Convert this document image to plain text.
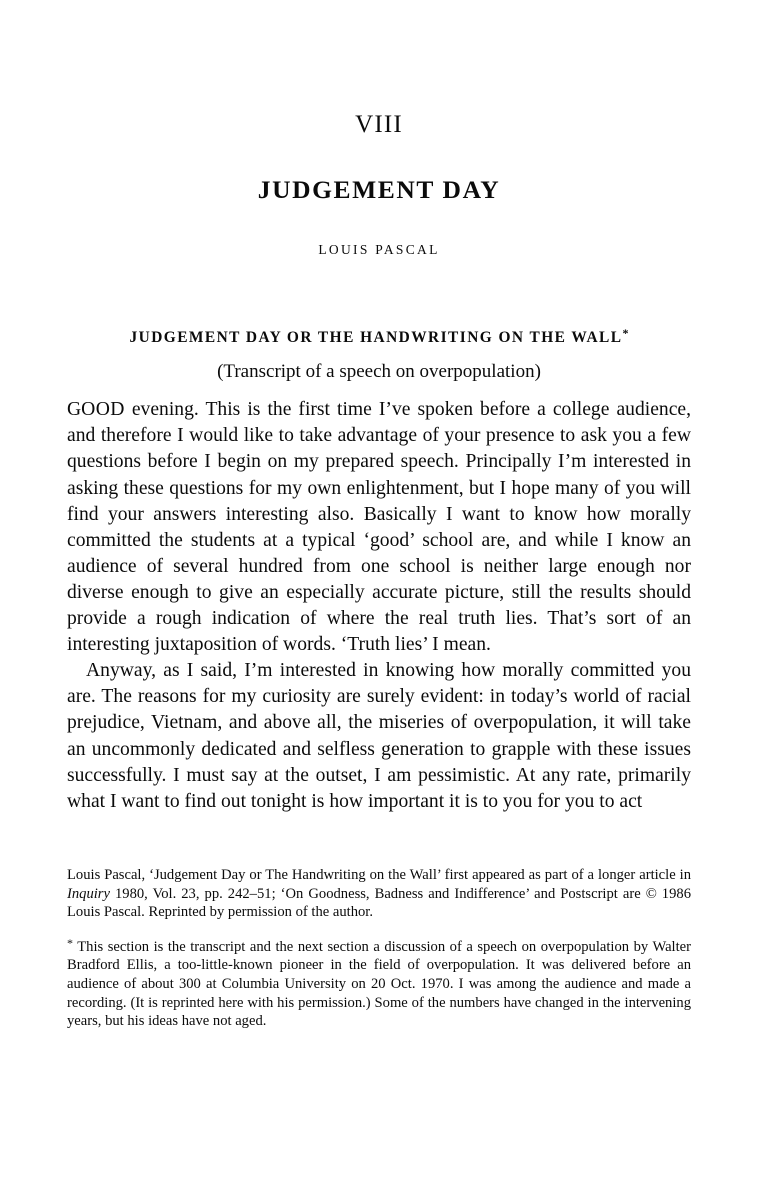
VIII
JUDGEMENT DAY
LOUIS PASCAL
JUDGEMENT DAY OR THE HANDWRITING ON THE WALL*
(Transcript of a speech on overpopulation)

GOOD evening. This is the first time I’ve spoken before a college audience, and therefore I would like to take advantage of your presence to ask you a few questions before I begin on my prepared speech. Principally I’m interested in asking these questions for my own enlightenment, but I hope many of you will find your answers interesting also. Basically I want to know how morally committed the students at a typical ‘good’ school are, and while I know an audience of several hundred from one school is neither large enough nor diverse enough to give an especially accurate picture, still the results should provide a rough indication of where the real truth lies. That’s sort of an interesting juxtaposition of words. ‘Truth lies’ I mean.

Anyway, as I said, I’m interested in knowing how morally committed you are. The reasons for my curiosity are surely evident: in today’s world of racial prejudice, Vietnam, and above all, the miseries of overpopulation, it will take an uncommonly dedicated and selfless generation to grapple with these issues successfully. I must say at the outset, I am pessimistic. At any rate, primarily what I want to find out tonight is how important it is to you for you to act

Louis Pascal, ‘Judgement Day or The Handwriting on the Wall’ first appeared as part of a longer article in Inquiry 1980, Vol. 23, pp. 242–51; ‘On Goodness, Badness and Indifference’ and Postscript are © 1986 Louis Pascal. Reprinted by permission of the author.

* This section is the transcript and the next section a discussion of a speech on overpopulation by Walter Bradford Ellis, a too-little-known pioneer in the field of overpopulation. It was delivered before an audience of about 300 at Columbia University on 20 Oct. 1970. I was among the audience and made a recording. (It is reprinted here with his permission.) Some of the numbers have changed in the intervening years, but his ideas have not aged.
